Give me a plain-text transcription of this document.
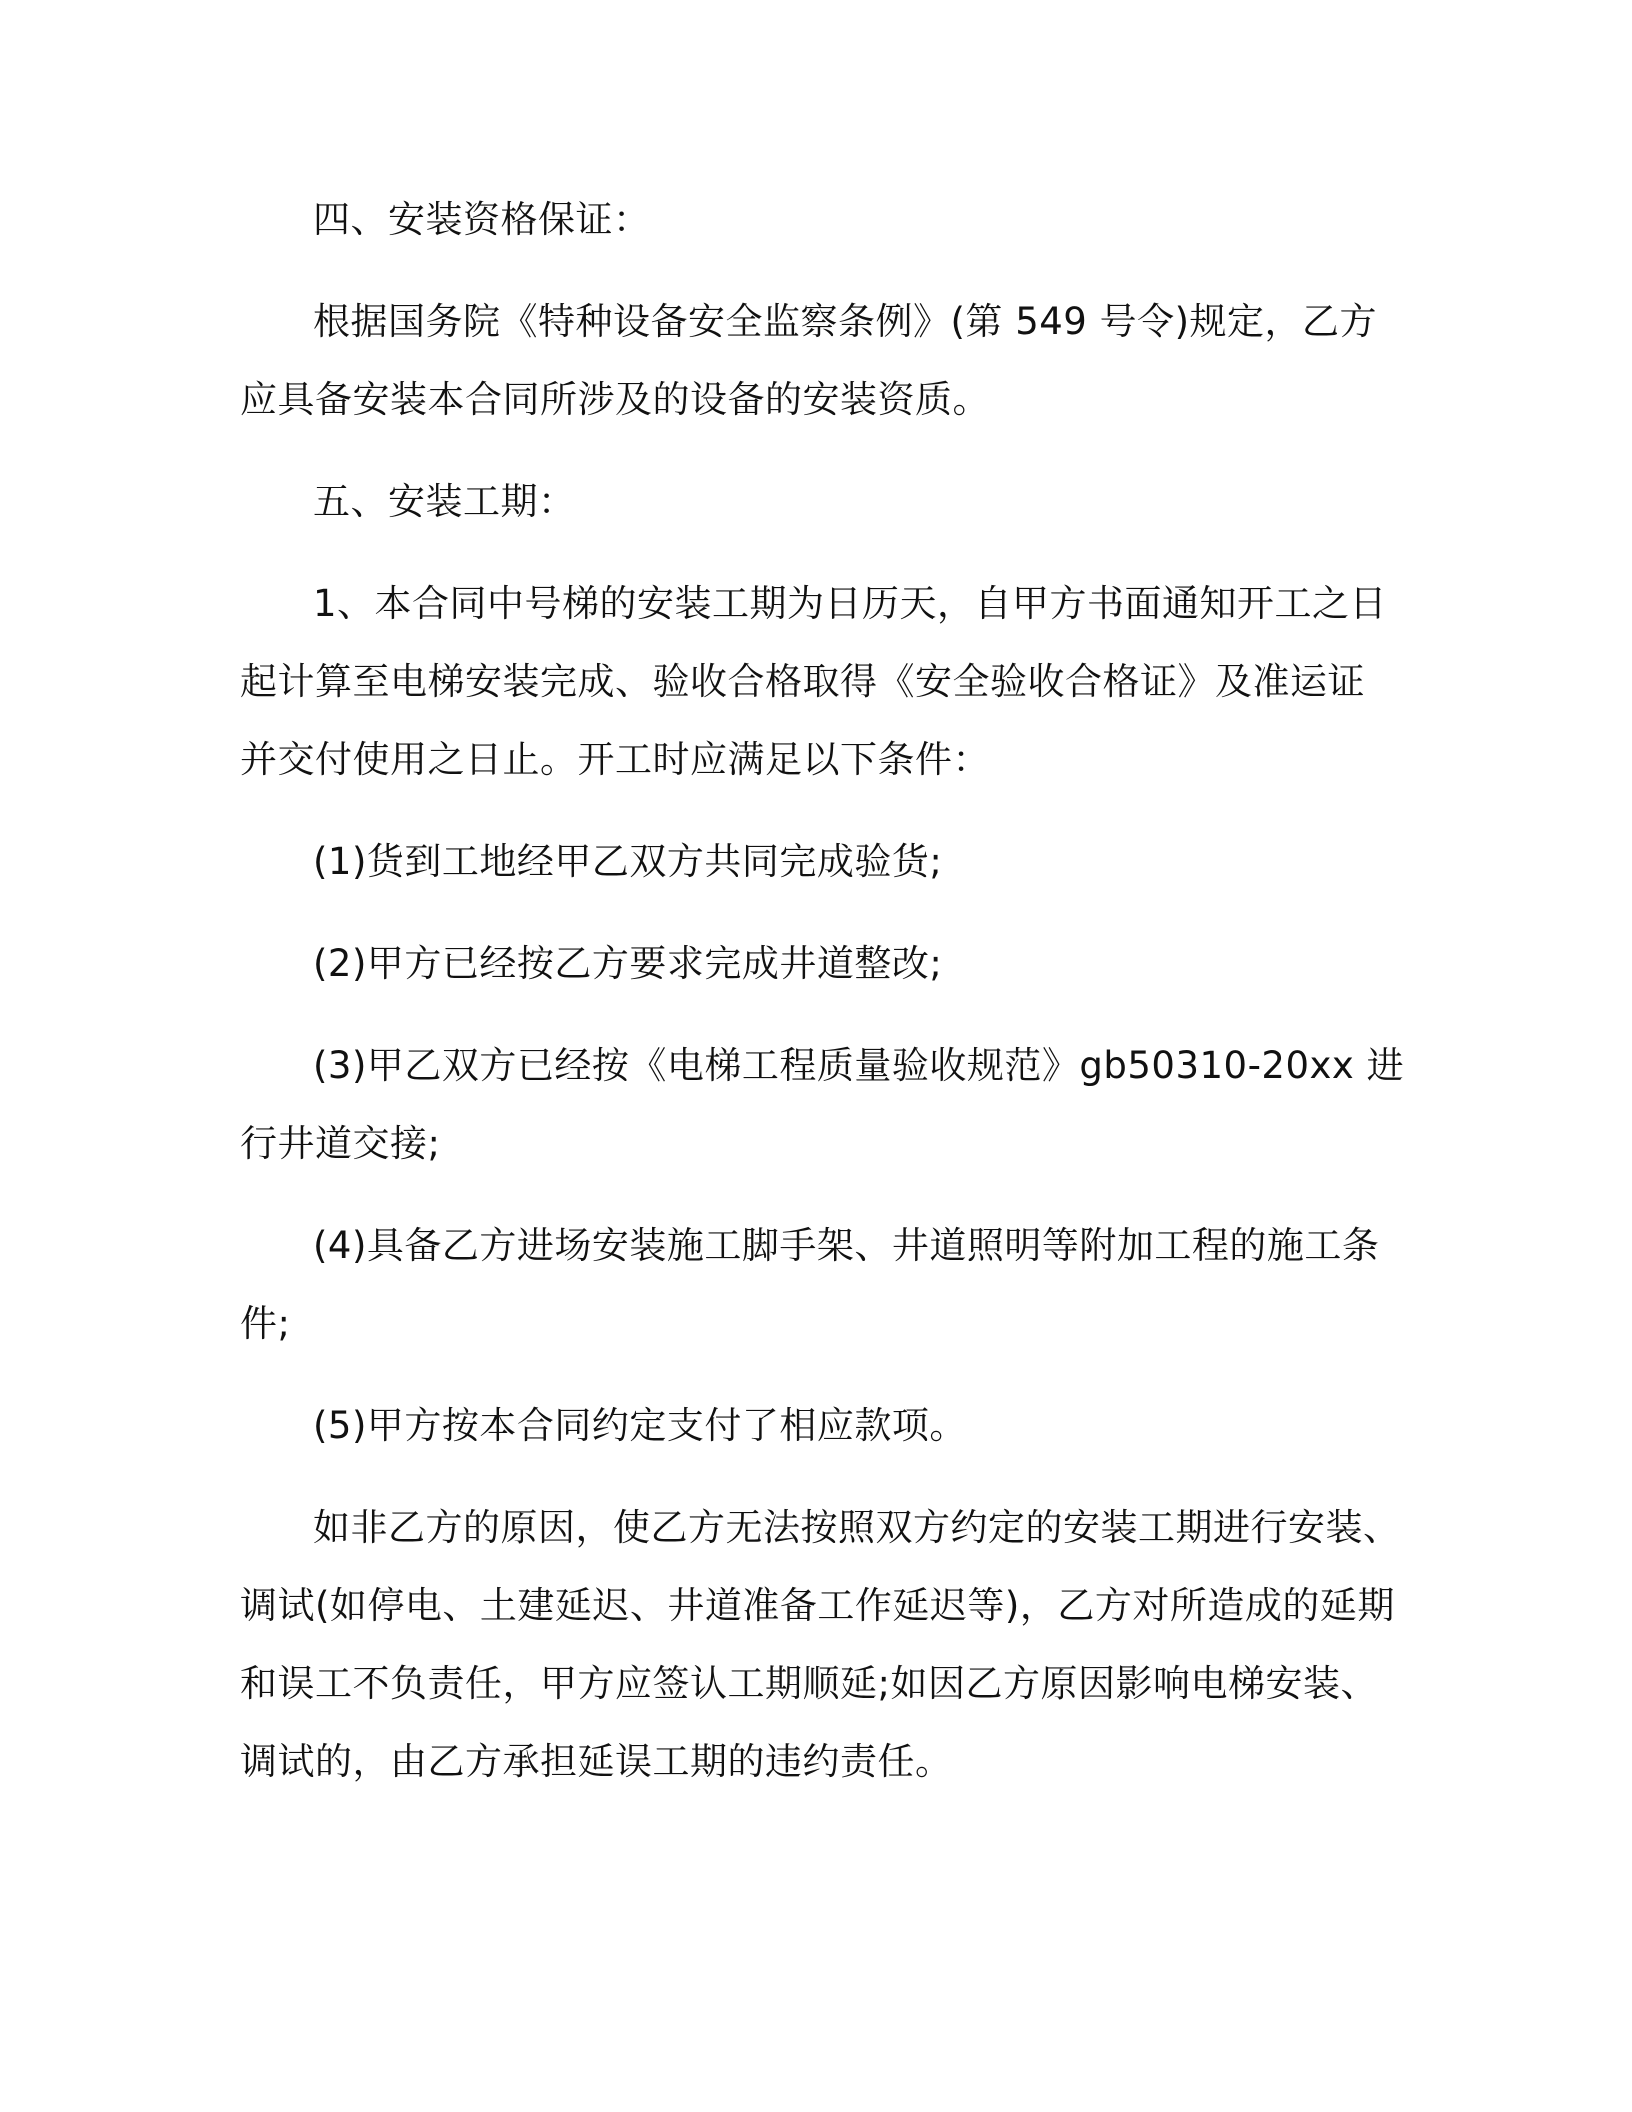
四、安装资格保证：
根据国务院《特种设备安全监察条例》(第 549 号令)规定，乙方
应具备安装本合同所涉及的设备的安装资质。
五、安装工期：
1、本合同中号梯的安装工期为日历天，自甲方书面通知开工之日
起计算至电梯安装完成、验收合格取得《安全验收合格证》及准运证
并交付使用之日止。开工时应满足以下条件：
(1)货到工地经甲乙双方共同完成验货;
(2)甲方已经按乙方要求完成井道整改;
(3)甲乙双方已经按《电梯工程质量验收规范》gb50310-20xx 进
行井道交接;
(4)具备乙方进场安装施工脚手架、井道照明等附加工程的施工条
件;
(5)甲方按本合同约定支付了相应款项。
如非乙方的原因，使乙方无法按照双方约定的安装工期进行安装、
调试(如停电、土建延迟、井道准备工作延迟等)，乙方对所造成的延期
和误工不负责任，甲方应签认工期顺延;如因乙方原因影响电梯安装、
调试的，由乙方承担延误工期的违约责任。
